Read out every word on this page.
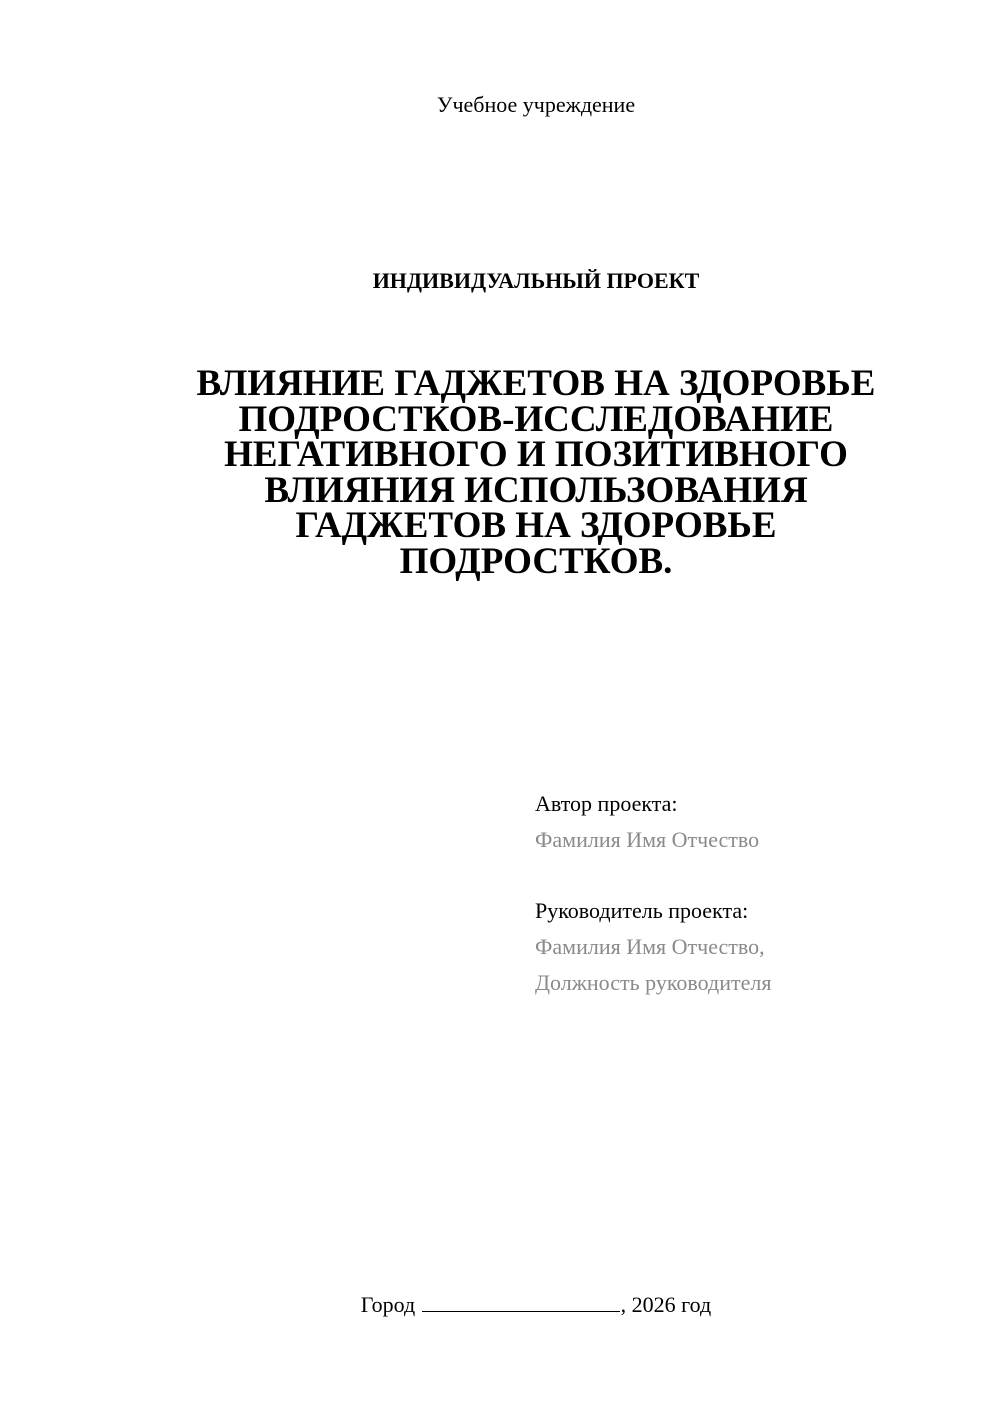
Учебное учреждение
ИНДИВИДУАЛЬНЫЙ ПРОЕКТ
ВЛИЯНИЕ ГАДЖЕТОВ НА ЗДОРОВЬЕ
ПОДРОСТКОВ-ИССЛЕДОВАНИЕ
НЕГАТИВНОГО И ПОЗИТИВНОГО
ВЛИЯНИЯ ИСПОЛЬЗОВАНИЯ
ГАДЖЕТОВ НА ЗДОРОВЬЕ
ПОДРОСТКОВ.
Автор проекта:
Фамилия Имя Отчество
Руководитель проекта:
Фамилия Имя Отчество,
Должность руководителя
Город	, 2026 год
